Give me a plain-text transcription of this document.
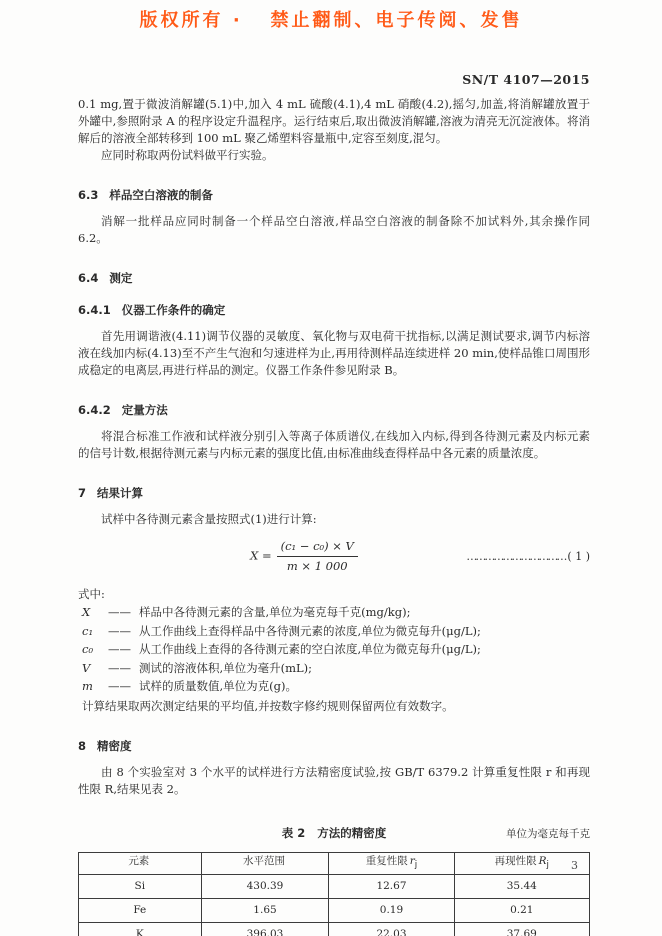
版权所有 ·   禁止翻制、电子传阅、发售
SN/T 4107—2015

0.1 mg,置于微波消解罐(5.1)中,加入 4 mL 硫酸(4.1),4 mL 硝酸(4.2),摇匀,加盖,将消解罐放置于外罐中,参照附录 A 的程序设定升温程序。运行结束后,取出微波消解罐,溶液为清亮无沉淀液体。将消解后的溶液全部转移到 100 mL 聚乙烯塑料容量瓶中,定容至刻度,混匀。

应同时称取两份试料做平行实验。

6.3 样品空白溶液的制备

消解一批样品应同时制备一个样品空白溶液,样品空白溶液的制备除不加试料外,其余操作同 6.2。

6.4 测定
6.4.1 仪器工作条件的确定

首先用调谐液(4.11)调节仪器的灵敏度、氧化物与双电荷干扰指标,以满足测试要求,调节内标溶液在线加内标(4.13)至不产生气泡和匀速进样为止,再用待测样品连续进样 20 min,使样品锥口周围形成稳定的电离层,再进行样品的测定。仪器工作条件参见附录 B。

6.4.2 定量方法

将混合标准工作液和试样液分别引入等离子体质谱仪,在线加入内标,得到各待测元素及内标元素的信号计数,根据待测元素与内标元素的强度比值,由标准曲线查得样品中各元素的质量浓度。

7 结果计算

试样中各待测元素含量按照式(1)进行计算:

$X = \frac{\text{(c₁ − c₀) × V}}{m \times 1 000}$	…………………………… ( 1 )

式中:

X	—— 样品中各待测元素的含量,单位为毫克每千克(mg/kg);
c₁	—— 从工作曲线上查得样品中各待测元素的浓度,单位为微克每升(μg/L);
c₀	—— 从工作曲线上查得的各待测元素的空白浓度,单位为微克每升(μg/L);
V	—— 测试的溶液体积,单位为毫升(mL);
m	—— 试样的质量数值,单位为克(g)。

计算结果取两次测定结果的平均值,并按数字修约规则保留两位有效数字。

8 精密度

由 8 个实验室对 3 个水平的试样进行方法精密度试验,按 GB/T 6379.2 计算重复性限 r 和再现性限 R,结果见表 2。

表 2 方法的精密度	单位为毫克每千克
元素	水平范围	重复性限 $r_j$	再现性限 $R_j$
Si	430.39	12.67	35.44
Fe	1.65	0.19	0.21
K	396.03	22.03	37.69
3
